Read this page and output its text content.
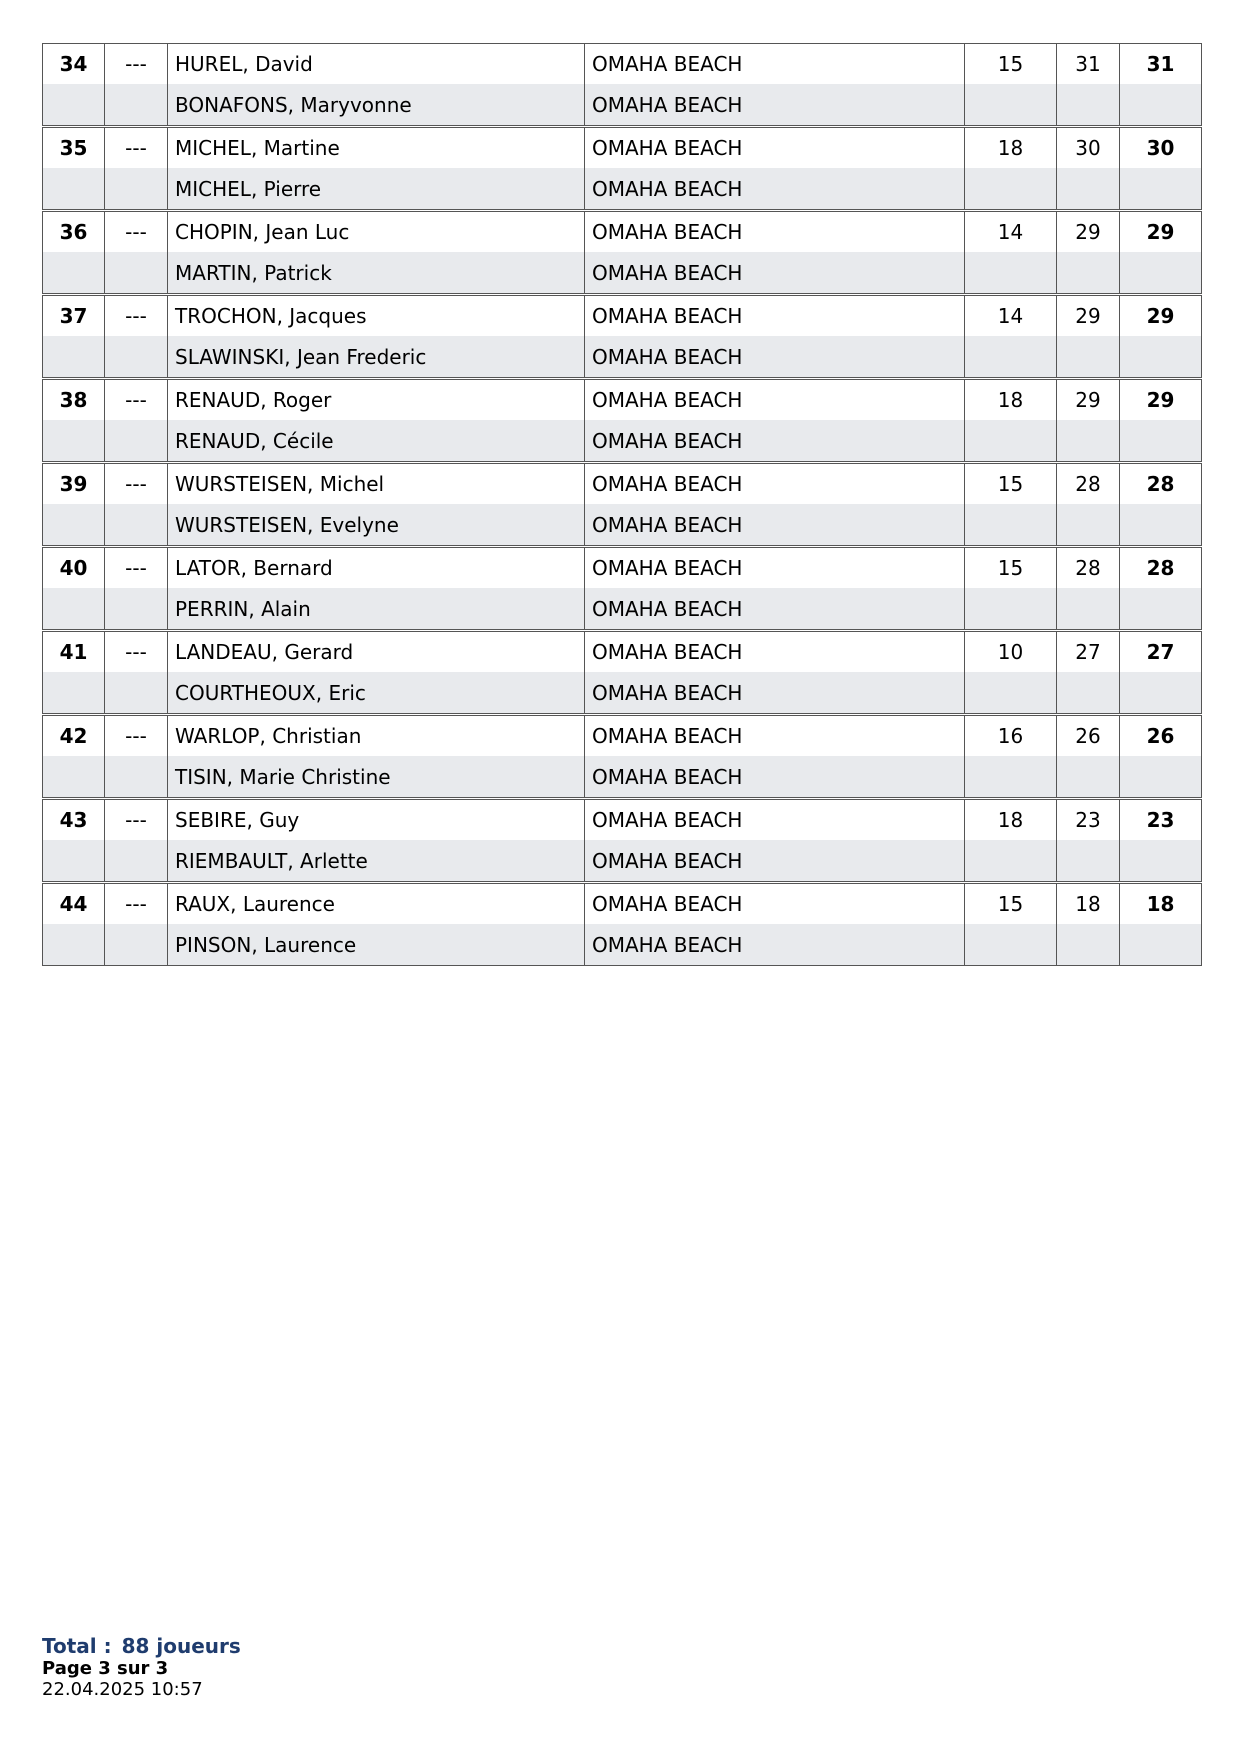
34	---	HUREL, David	OMAHA BEACH	15	31	31
		BONAFONS, Maryvonne	OMAHA BEACH			
35	---	MICHEL, Martine	OMAHA BEACH	18	30	30
		MICHEL, Pierre	OMAHA BEACH			
36	---	CHOPIN, Jean Luc	OMAHA BEACH	14	29	29
		MARTIN, Patrick	OMAHA BEACH			
37	---	TROCHON, Jacques	OMAHA BEACH	14	29	29
		SLAWINSKI, Jean Frederic	OMAHA BEACH			
38	---	RENAUD, Roger	OMAHA BEACH	18	29	29
		RENAUD, Cécile	OMAHA BEACH			
39	---	WURSTEISEN, Michel	OMAHA BEACH	15	28	28
		WURSTEISEN, Evelyne	OMAHA BEACH			
40	---	LATOR, Bernard	OMAHA BEACH	15	28	28
		PERRIN, Alain	OMAHA BEACH			
41	---	LANDEAU, Gerard	OMAHA BEACH	10	27	27
		COURTHEOUX, Eric	OMAHA BEACH			
42	---	WARLOP, Christian	OMAHA BEACH	16	26	26
		TISIN, Marie Christine	OMAHA BEACH			
43	---	SEBIRE, Guy	OMAHA BEACH	18	23	23
		RIEMBAULT, Arlette	OMAHA BEACH			
44	---	RAUX, Laurence	OMAHA BEACH	15	18	18
		PINSON, Laurence	OMAHA BEACH			
Total : 88 joueurs
Page 3 sur 3
22.04.2025 10:57
